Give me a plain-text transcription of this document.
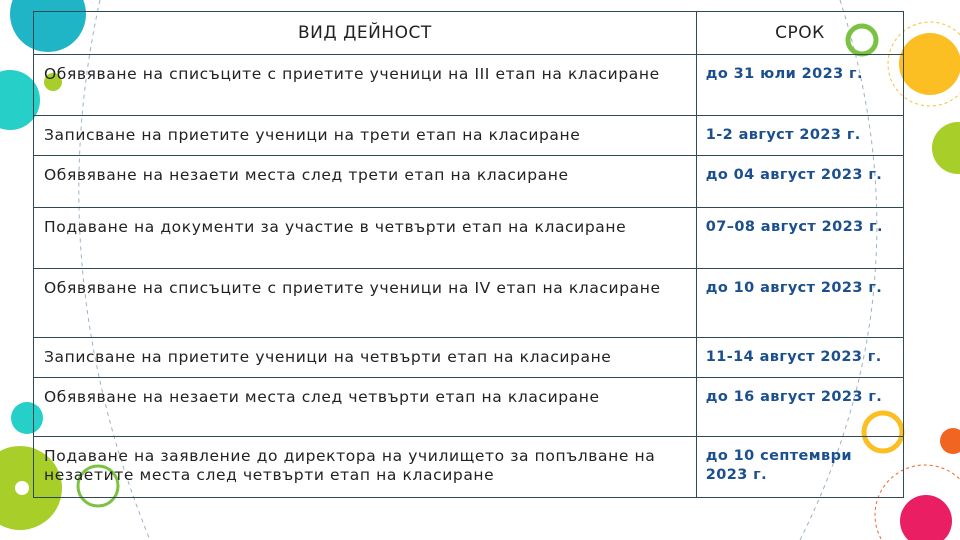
ВИД ДЕЙНОСТ	СРОК

Обявяване на списъците с приетите ученици на III етап на класиране	до 31 юли 2023 г.

Записване на приетите ученици на трети етап на класиране	1-2 август 2023 г.

Обявяване на незаети места след трети етап на класиране	до 04 август 2023 г.

Подаване на документи за участие в четвърти етап на класиране	07–08 август 2023 г.

Обявяване на списъците с приетите ученици на IV етап на класиране	до 10 август 2023 г.

Записване на приетите ученици на четвърти етап на класиране	11-14 август 2023 г.

Обявяване на незаети места след четвърти етап на класиране	до 16 август 2023 г.

Подаване на заявление до директора на училището за попълване на незаетите места след четвърти етап на класиране	до 10 септември 2023 г.
